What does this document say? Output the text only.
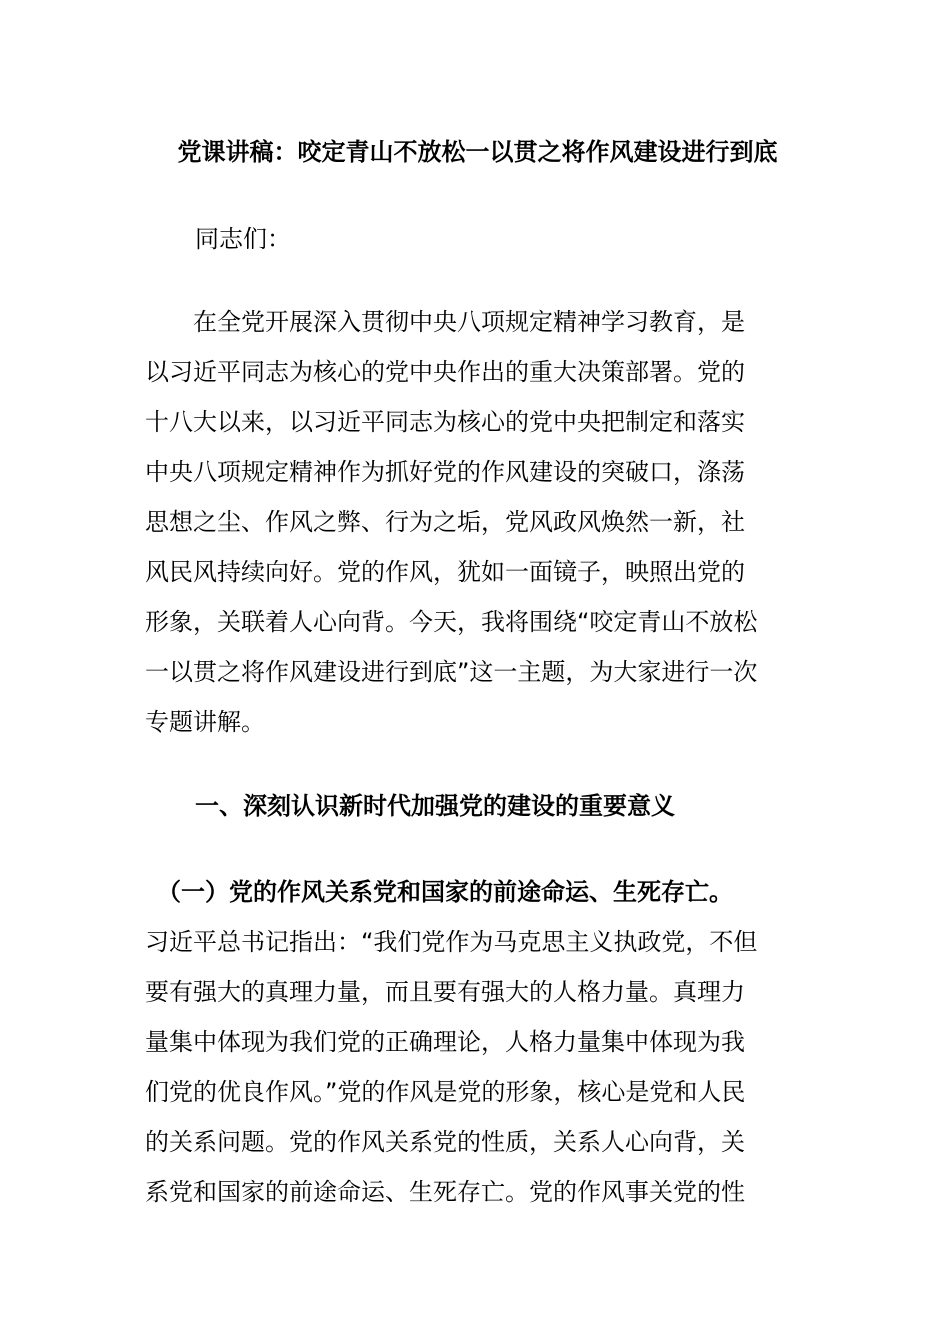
党课讲稿：咬定青山不放松一以贯之将作风建设进行到底
同志们：
　　在全党开展深入贯彻中央八项规定精神学习教育，是
以习近平同志为核心的党中央作出的重大决策部署。党的
十八大以来，以习近平同志为核心的党中央把制定和落实
中央八项规定精神作为抓好党的作风建设的突破口，涤荡
思想之尘、作风之弊、行为之垢，党风政风焕然一新，社
风民风持续向好。党的作风，犹如一面镜子，映照出党的
形象，关联着人心向背。今天，我将围绕“咬定青山不放松
一以贯之将作风建设进行到底”这一主题，为大家进行一次
专题讲解。
一、深刻认识新时代加强党的建设的重要意义
　（一）党的作风关系党和国家的前途命运、生死存亡。
习近平总书记指出：“我们党作为马克思主义执政党，不但
要有强大的真理力量，而且要有强大的人格力量。真理力
量集中体现为我们党的正确理论，人格力量集中体现为我
们党的优良作风。”党的作风是党的形象，核心是党和人民
的关系问题。党的作风关系党的性质，关系人心向背，关
系党和国家的前途命运、生死存亡。党的作风事关党的性
